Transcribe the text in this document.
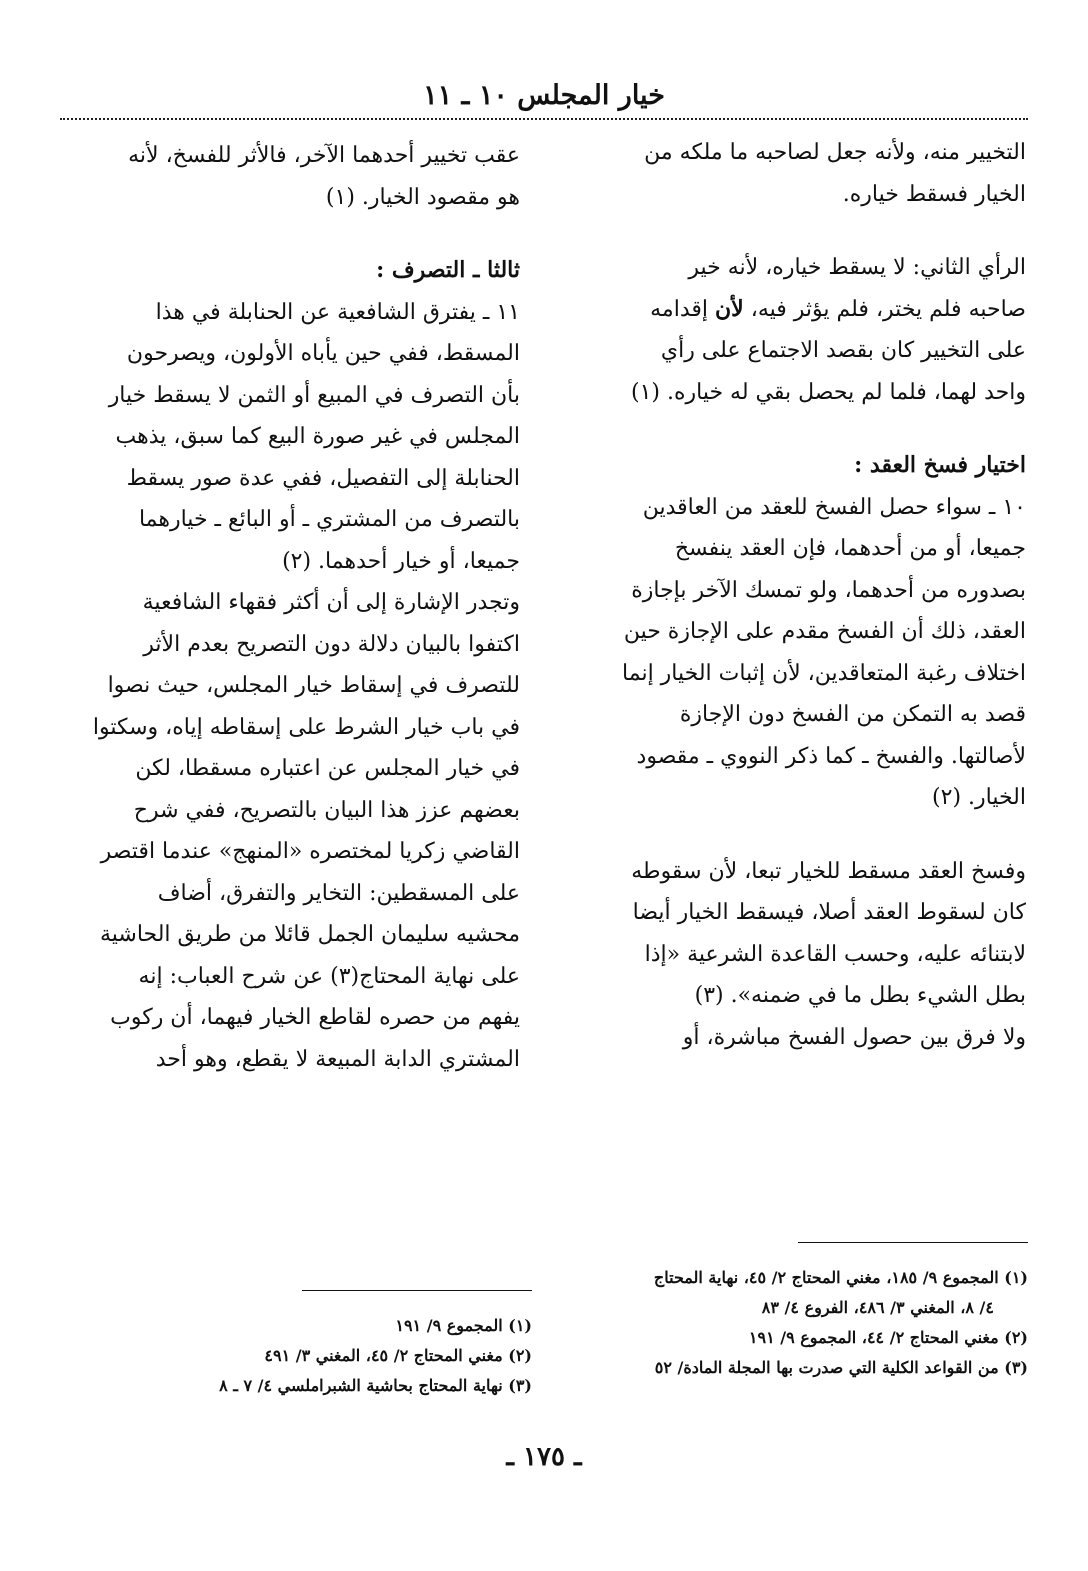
خيار المجلس ١٠ ـ ١١

التخيير منه، ولأنه جعل لصاحبه ما ملكه من

الخيار فسقط خياره.

الرأي الثاني: لا يسقط خياره، لأنه خير

صاحبه فلم يختر، فلم يؤثر فيه، لأن إقدامه

على التخيير كان بقصد الاجتماع على رأي

واحد لهما، فلما لم يحصل بقي له خياره. (١)

اختيار فسخ العقد :

١٠ ـ سواء حصل الفسخ للعقد من العاقدين

جميعا، أو من أحدهما، فإن العقد ينفسخ

بصدوره من أحدهما، ولو تمسك الآخر بإجازة

العقد، ذلك أن الفسخ مقدم على الإجازة حين

اختلاف رغبة المتعاقدين، لأن إثبات الخيار إنما

قصد به التمكن من الفسخ دون الإجازة

لأصالتها. والفسخ ـ كما ذكر النووي ـ مقصود

الخيار. (٢)

وفسخ العقد مسقط للخيار تبعا، لأن سقوطه

كان لسقوط العقد أصلا، فيسقط الخيار أيضا

لابتنائه عليه، وحسب القاعدة الشرعية «إذا

بطل الشيء بطل ما في ضمنه». (٣)

ولا فرق بين حصول الفسخ مباشرة، أو

عقب تخيير أحدهما الآخر، فالأثر للفسخ، لأنه

هو مقصود الخيار. (١)

ثالثا ـ التصرف :

١١ ـ يفترق الشافعية عن الحنابلة في هذا

المسقط، ففي حين يأباه الأولون، ويصرحون

بأن التصرف في المبيع أو الثمن لا يسقط خيار

المجلس في غير صورة البيع كما سبق، يذهب

الحنابلة إلى التفصيل، ففي عدة صور يسقط

بالتصرف من المشتري ـ أو البائع ـ خيارهما

جميعا، أو خيار أحدهما. (٢)

وتجدر الإشارة إلى أن أكثر فقهاء الشافعية

اكتفوا بالبيان دلالة دون التصريح بعدم الأثر

للتصرف في إسقاط خيار المجلس، حيث نصوا

في باب خيار الشرط على إسقاطه إياه، وسكتوا

في خيار المجلس عن اعتباره مسقطا، لكن

بعضهم عزز هذا البيان بالتصريح، ففي شرح

القاضي زكريا لمختصره «المنهج» عندما اقتصر

على المسقطين: التخاير والتفرق، أضاف

محشيه سليمان الجمل قائلا من طريق الحاشية

على نهاية المحتاج(٣) عن شرح العباب: إنه

يفهم من حصره لقاطع الخيار فيهما، أن ركوب

المشتري الدابة المبيعة لا يقطع، وهو أحد

(١) المجموع ٩/ ١٨٥، مغني المحتاج ٢/ ٤٥، نهاية المحتاج
٤/ ٨، المغني ٣/ ٤٨٦، الفروع ٤/ ٨٣
(٢) مغني المحتاج ٢/ ٤٤، المجموع ٩/ ١٩١
(٣) من القواعد الكلية التي صدرت بها المجلة المادة/ ٥٢
(١) المجموع ٩/ ١٩١
(٢) مغني المحتاج ٢/ ٤٥، المغني ٣/ ٤٩١
(٣) نهاية المحتاج بحاشية الشبراملسي ٤/ ٧ ـ ٨
ـ ١٧٥ ـ
